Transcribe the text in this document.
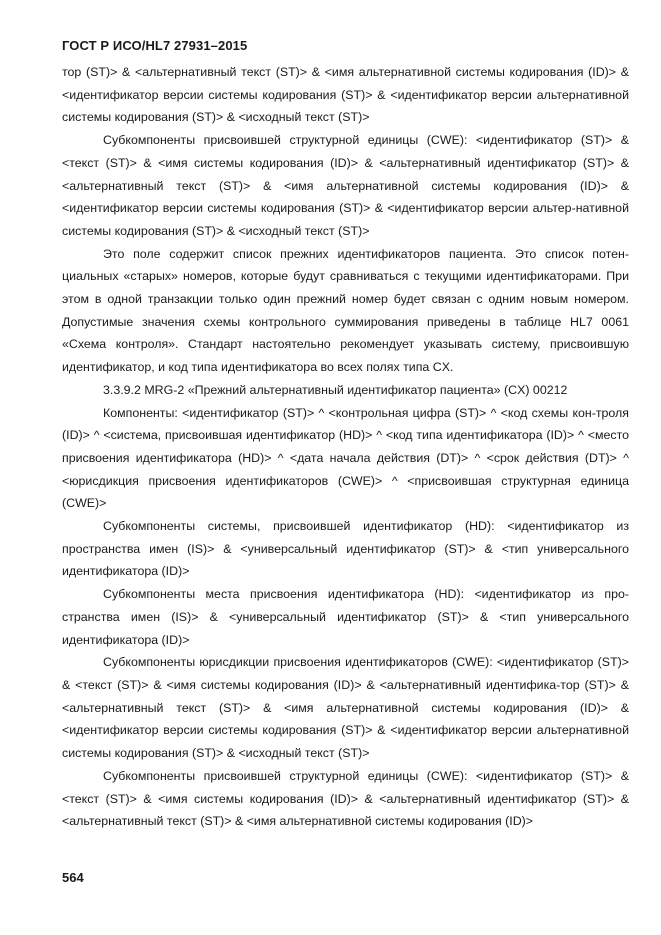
ГОСТ Р ИСО/HL7 27931–2015

тор (ST)> & <альтернативный текст (ST)> & <имя альтернативной системы кодирования (ID)> & <идентификатор версии системы кодирования (ST)> & <идентификатор версии альтернативной системы кодирования (ST)> & <исходный текст (ST)>

Субкомпоненты присвоившей структурной единицы (CWE): <идентификатор (ST)> & <текст (ST)> & <имя системы кодирования (ID)> & <альтернативный идентификатор (ST)> & <альтернативный текст (ST)> & <имя альтернативной системы кодирования (ID)> & <идентификатор версии системы кодирования (ST)> & <идентификатор версии альтер-нативной системы кодирования (ST)> & <исходный текст (ST)>

Это поле содержит список прежних идентификаторов пациента. Это список потен-циальных «старых» номеров, которые будут сравниваться с текущими идентификаторами. При этом в одной транзакции только один прежний номер будет связан с одним новым номером. Допустимые значения схемы контрольного суммирования приведены в таблице HL7 0061 «Схема контроля». Стандарт настоятельно рекомендует указывать систему, присвоившую идентификатор, и код типа идентификатора во всех полях типа CX.

3.3.9.2 MRG-2 «Прежний альтернативный идентификатор пациента» (CX) 00212

Компоненты: <идентификатор (ST)> ^ <контрольная цифра (ST)> ^ <код схемы кон-троля (ID)> ^ <система, присвоившая идентификатор (HD)> ^ <код типа идентификатора (ID)> ^ <место присвоения идентификатора (HD)> ^ <дата начала действия (DT)> ^ <срок действия (DT)> ^ <юрисдикция присвоения идентификаторов (CWE)> ^ <присвоившая структурная единица (CWE)>

Субкомпоненты системы, присвоившей идентификатор (HD): <идентификатор из пространства имен (IS)> & <универсальный идентификатор (ST)> & <тип универсального идентификатора (ID)>

Субкомпоненты места присвоения идентификатора (HD): <идентификатор из про-странства имен (IS)> & <универсальный идентификатор (ST)> & <тип универсального идентификатора (ID)>

Субкомпоненты юрисдикции присвоения идентификаторов (CWE): <идентификатор (ST)> & <текст (ST)> & <имя системы кодирования (ID)> & <альтернативный идентифика-тор (ST)> & <альтернативный текст (ST)> & <имя альтернативной системы кодирования (ID)> & <идентификатор версии системы кодирования (ST)> & <идентификатор версии альтернативной системы кодирования (ST)> & <исходный текст (ST)>

Субкомпоненты присвоившей структурной единицы (CWE): <идентификатор (ST)> & <текст (ST)> & <имя системы кодирования (ID)> & <альтернативный идентификатор (ST)> & <альтернативный текст (ST)> & <имя альтернативной системы кодирования (ID)>

564
